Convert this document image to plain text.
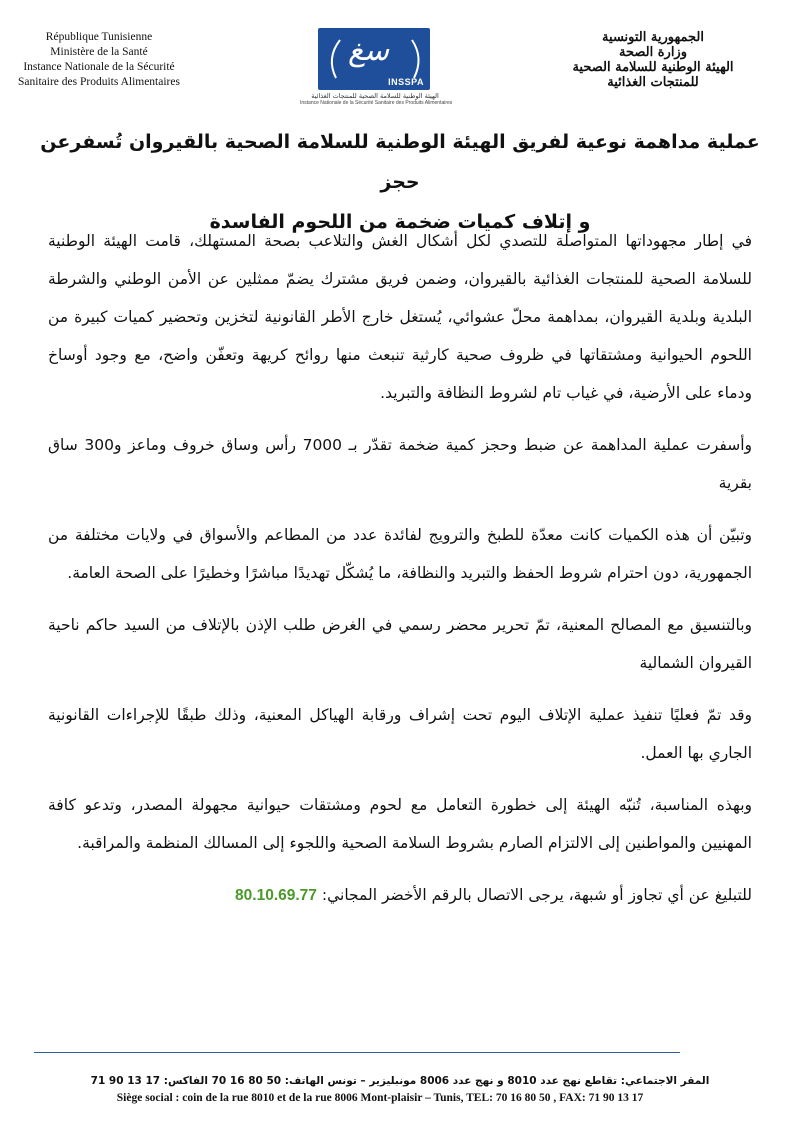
République Tunisienne
Ministère de la Santé
Instance Nationale de la Sécurité
Sanitaire des Produits Alimentaires
سغ
INSSPA
الهيئة الوطنية للسلامة الصحية للمنتجات الغذائية
Instance Nationale de la Sécurité Sanitaire des Produits Alimentaires
الجمهورية التونسية
وزارة الصحة
الهيئة الوطنية للسلامة الصحية
للمنتجات الغذائية
عملية مداهمة نوعية لفريق الهيئة الوطنية للسلامة الصحية بالقيروان تُسفرعن حجز
و إتلاف كميات ضخمة من اللحوم الفاسدة

في إطار مجهوداتها المتواصلة للتصدي لكل أشكال الغش والتلاعب بصحة المستهلك، قامت الهيئة الوطنية للسلامة الصحية للمنتجات الغذائية بالقيروان، وضمن فريق مشترك يضمّ ممثلين عن الأمن الوطني والشرطة البلدية وبلدية القيروان، بمداهمة محلّ عشوائي، يُستغل خارج الأطر القانونية لتخزين وتحضير كميات كبيرة من اللحوم الحيوانية ومشتقاتها في ظروف صحية كارثية تنبعث منها روائح كريهة وتعفّن واضح، مع وجود أوساخ ودماء على الأرضية، في غياب تام لشروط النظافة والتبريد.

وأسفرت عملية المداهمة عن ضبط وحجز كمية ضخمة تقدّر بـ 7000 رأس وساق خروف وماعز و300 ساق بقرية

وتبيّن أن هذه الكميات كانت معدّة للطبخ والترويج لفائدة عدد من المطاعم والأسواق في ولايات مختلفة من الجمهورية، دون احترام شروط الحفظ والتبريد والنظافة، ما يُشكّل تهديدًا مباشرًا وخطيرًا على الصحة العامة.

وبالتنسيق مع المصالح المعنية، تمّ تحرير محضر رسمي في الغرض طلب الإذن بالإتلاف من السيد حاكم ناحية القيروان الشمالية

وقد تمّ فعليًا تنفيذ عملية الإتلاف اليوم تحت إشراف ورقابة الهياكل المعنية، وذلك طبقًا للإجراءات القانونية الجاري بها العمل.

وبهذه المناسبة، تُنبّه الهيئة إلى خطورة التعامل مع لحوم ومشتقات حيوانية مجهولة المصدر، وتدعو كافة المهنيين والمواطنين إلى الالتزام الصارم بشروط السلامة الصحية واللجوء إلى المسالك المنظمة والمراقبة.

للتبليغ عن أي تجاوز أو شبهة، يرجى الاتصال بالرقم الأخضر المجاني: 80.10.69.77

المقر الاجتماعي: تقاطع نهج عدد 8010 و نهج عدد 8006 مونبليزير – تونس الهاتف: 50 80 16 70 الفاكس: 17 13 90 71
Siège social : coin de la rue 8010 et de la rue 8006 Mont-plaisir – Tunis, TEL: 70 16 80 50 , FAX: 71 90 13 17
